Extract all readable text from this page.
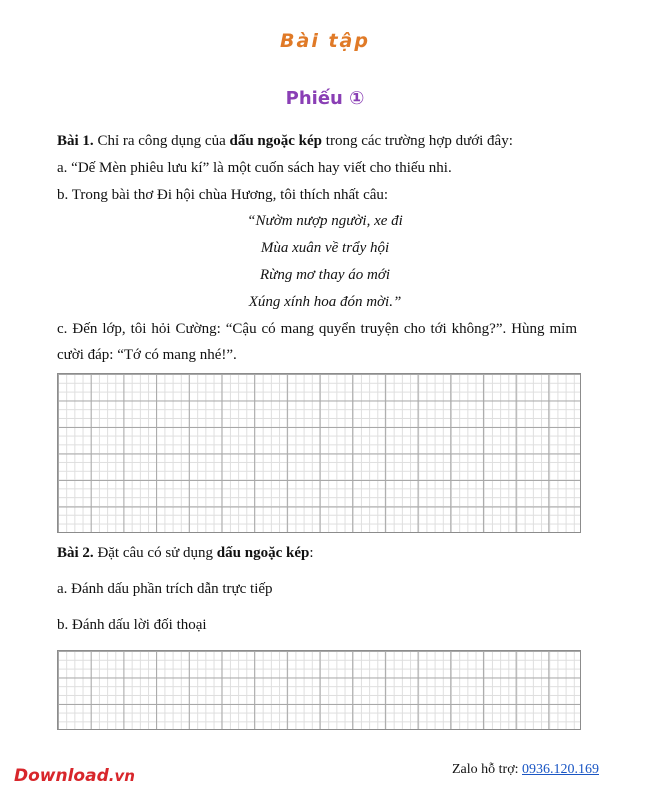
Bài tập
Phiếu ①
Bài 1. Chỉ ra công dụng của dấu ngoặc kép trong các trường hợp dưới đây:
a. “Dế Mèn phiêu lưu kí” là một cuốn sách hay viết cho thiếu nhi.
b. Trong bài thơ Đi hội chùa Hương, tôi thích nhất câu:
“Nườm nượp người, xe đi
Mùa xuân về trẩy hội
Rừng mơ thay áo mới
Xúng xính hoa đón mời.”
c. Đến lớp, tôi hỏi Cường: “Cậu có mang quyển truyện cho tới không?”. Hùng mỉm cười đáp: “Tớ có mang nhé!”.
Bài 2. Đặt câu có sử dụng dấu ngoặc kép:
a. Đánh dấu phần trích dẫn trực tiếp
b. Đánh dấu lời đối thoại
Download.vn	Zalo hỗ trợ: 0936.120.169
